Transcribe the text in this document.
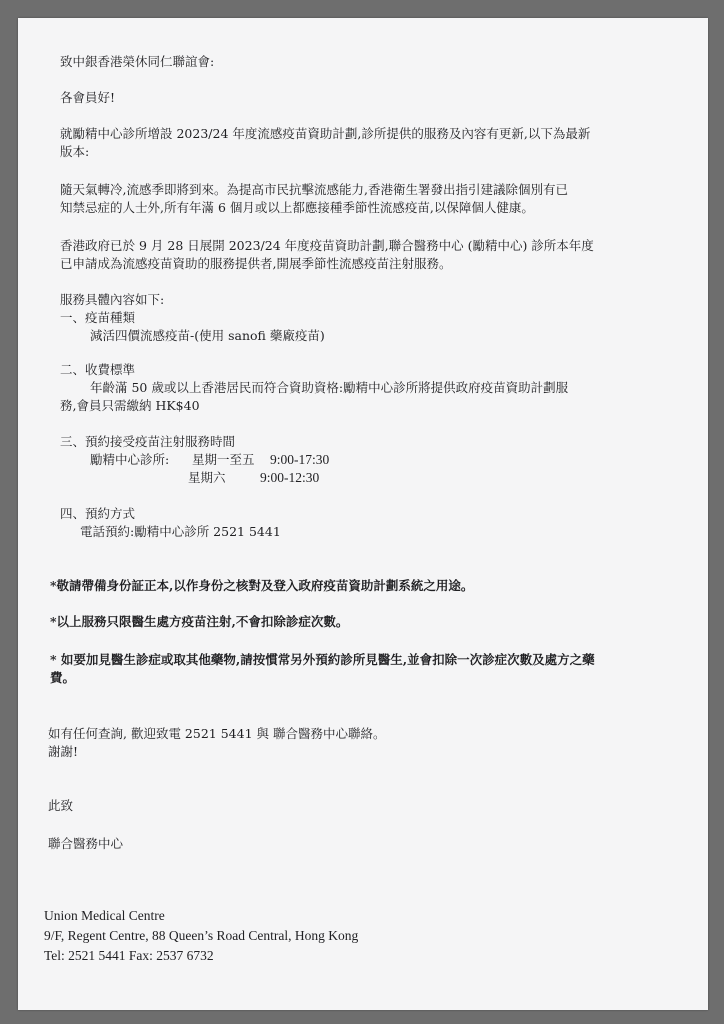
致中銀香港榮休同仁聯誼會:
各會員好!
就勵精中心診所增設 2023/24 年度流感疫苗資助計劃,診所提供的服務及內容有更新,以下為最新
版本:
隨天氣轉冷,流感季即將到來。為提高市民抗擊流感能力,香港衛生署發出指引建議除個別有已
知禁忌症的人士外,所有年滿 6 個月或以上都應接種季節性流感疫苗,以保障個人健康。
香港政府已於 9 月 28 日展開 2023/24 年度疫苗資助計劃,聯合醫務中心 (勵精中心) 診所本年度
已申請成為流感疫苗資助的服務提供者,開展季節性流感疫苗注射服務。
服務具體內容如下:
一、疫苗種類
減活四價流感疫苗-(使用 sanofi 藥廠疫苗)
二、收費標準
年齡滿 50 歲或以上香港居民而符合資助資格:勵精中心診所將提供政府疫苗資助計劃服
務,會員只需繳納 HK$40
三、預約接受疫苗注射服務時間
勵精中心診所: 星期一至五 9:00-17:30
星期六	9:00-12:30
四、預約方式
電話預約:勵精中心診所 2521 5441
*敬請帶備身份証正本,以作身份之核對及登入政府疫苗資助計劃系統之用途。
*以上服務只限醫生處方疫苗注射,不會扣除診症次數。
* 如要加見醫生診症或取其他藥物,請按慣常另外預約診所見醫生,並會扣除一次診症次數及處方之藥
費。
如有任何查詢, 歡迎致電 2521 5441 與 聯合醫務中心聯絡。
謝謝!
此致
聯合醫務中心
Union Medical Centre
9/F, Regent Centre, 88 Queen’s Road Central, Hong Kong
Tel: 2521 5441 Fax: 2537 6732
